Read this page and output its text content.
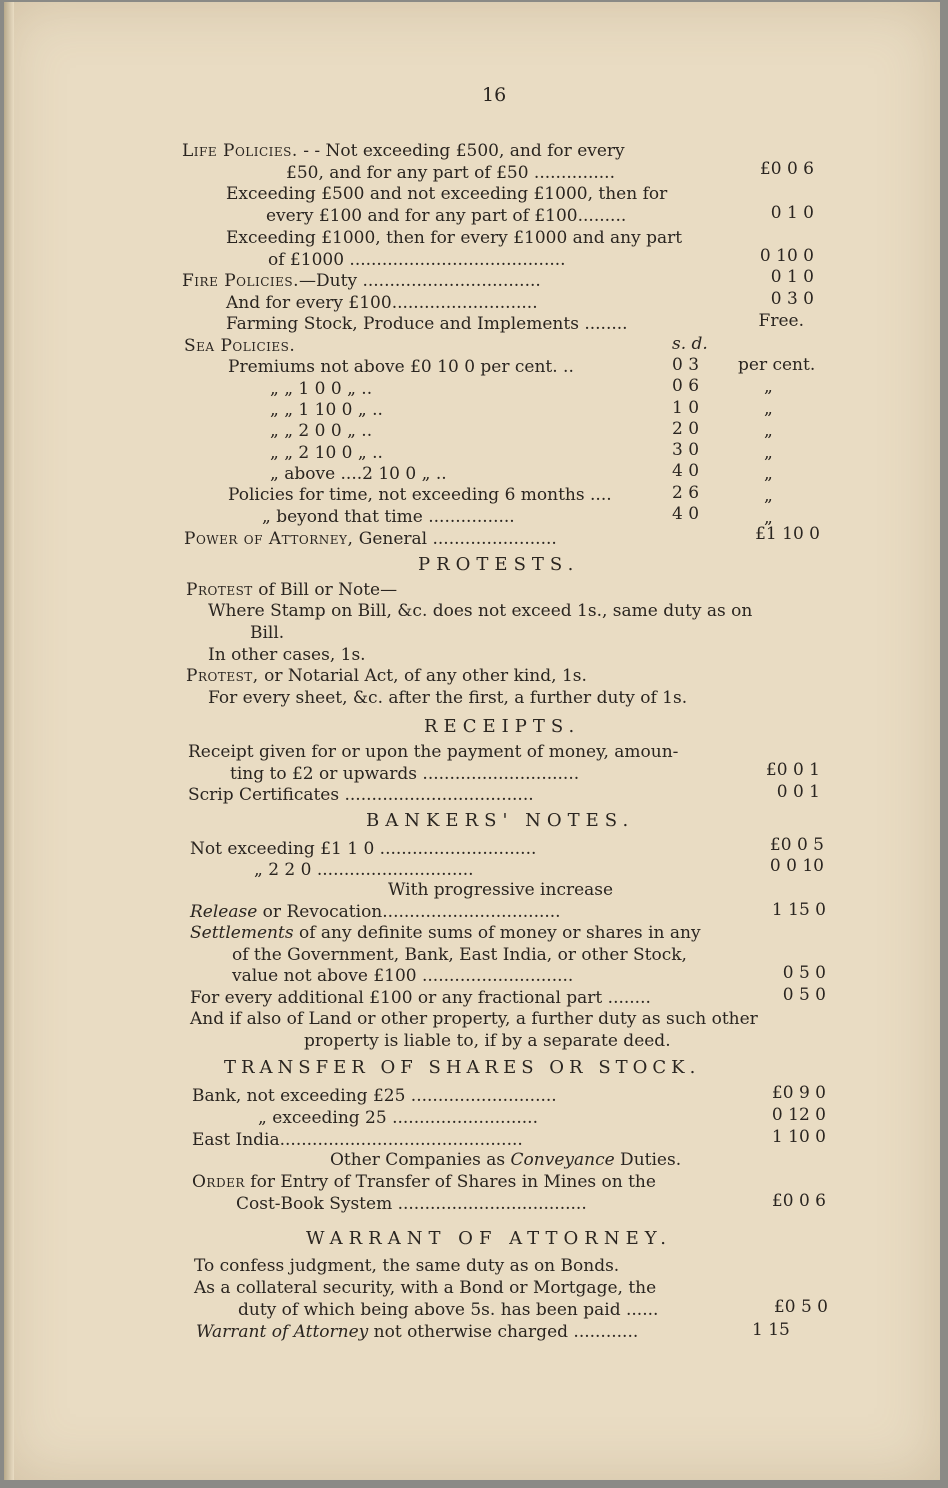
16
Life Policies. - - Not exceeding £500, and for every
£50, and for any part of £50 ...............	£0 0 6
Exceeding £500 and not exceeding £1000, then for
every £100 and for any part of £100.........	0 1 0
Exceeding £1000, then for every £1000 and any part
of £1000 ........................................	0 10 0
Fire Policies.—Duty .................................	0 1 0
And for every £100...........................	0 3 0
Farming Stock, Produce and Implements ........	Free.
Sea Policies.	s. d.
Premiums not above £0 10 0 per cent. ..	0 3 per cent.
„ „ 1 0 0 „ ..	0 6	„
„ „ 1 10 0 „ ..	1 0	„
„ „ 2 0 0 „ ..	2 0	„
„ „ 2 10 0 „ ..	3 0	„
„ above ....2 10 0 „ ..	4 0	„
Policies for time, not exceeding 6 months ....	2 6	„
„ beyond that time ................	4 0	„
Power of Attorney, General .......................	£1 10 0
PROTESTS.
Protest of Bill or Note—
Where Stamp on Bill, &c. does not exceed 1s., same duty as on
Bill.
In other cases, 1s.
Protest, or Notarial Act, of any other kind, 1s.
For every sheet, &c. after the first, a further duty of 1s.
RECEIPTS.
Receipt given for or upon the payment of money, amoun-
ting to £2 or upwards .............................	£0 0 1
Scrip Certificates ...................................	0 0 1
BANKERS' NOTES.
Not exceeding £1 1 0 .............................	£0 0 5
„ 2 2 0 .............................	0 0 10
With progressive increase
Release or Revocation.................................	1 15 0
Settlements of any definite sums of money or shares in any
of the Government, Bank, East India, or other Stock,
value not above £100 ............................	0 5 0
For every additional £100 or any fractional part ........	0 5 0
And if also of Land or other property, a further duty as such other
property is liable to, if by a separate deed.
TRANSFER OF SHARES OR STOCK.
Bank, not exceeding £25 ...........................	£0 9 0
„ exceeding 25 ...........................	0 12 0
East India.............................................	1 10 0
Other Companies as Conveyance Duties.
Order for Entry of Transfer of Shares in Mines on the
Cost-Book System ...................................	£0 0 6
WARRANT OF ATTORNEY.
To confess judgment, the same duty as on Bonds.
As a collateral security, with a Bond or Mortgage, the
duty of which being above 5s. has been paid ......	£0 5 0
Warrant of Attorney not otherwise charged ............	1 15
